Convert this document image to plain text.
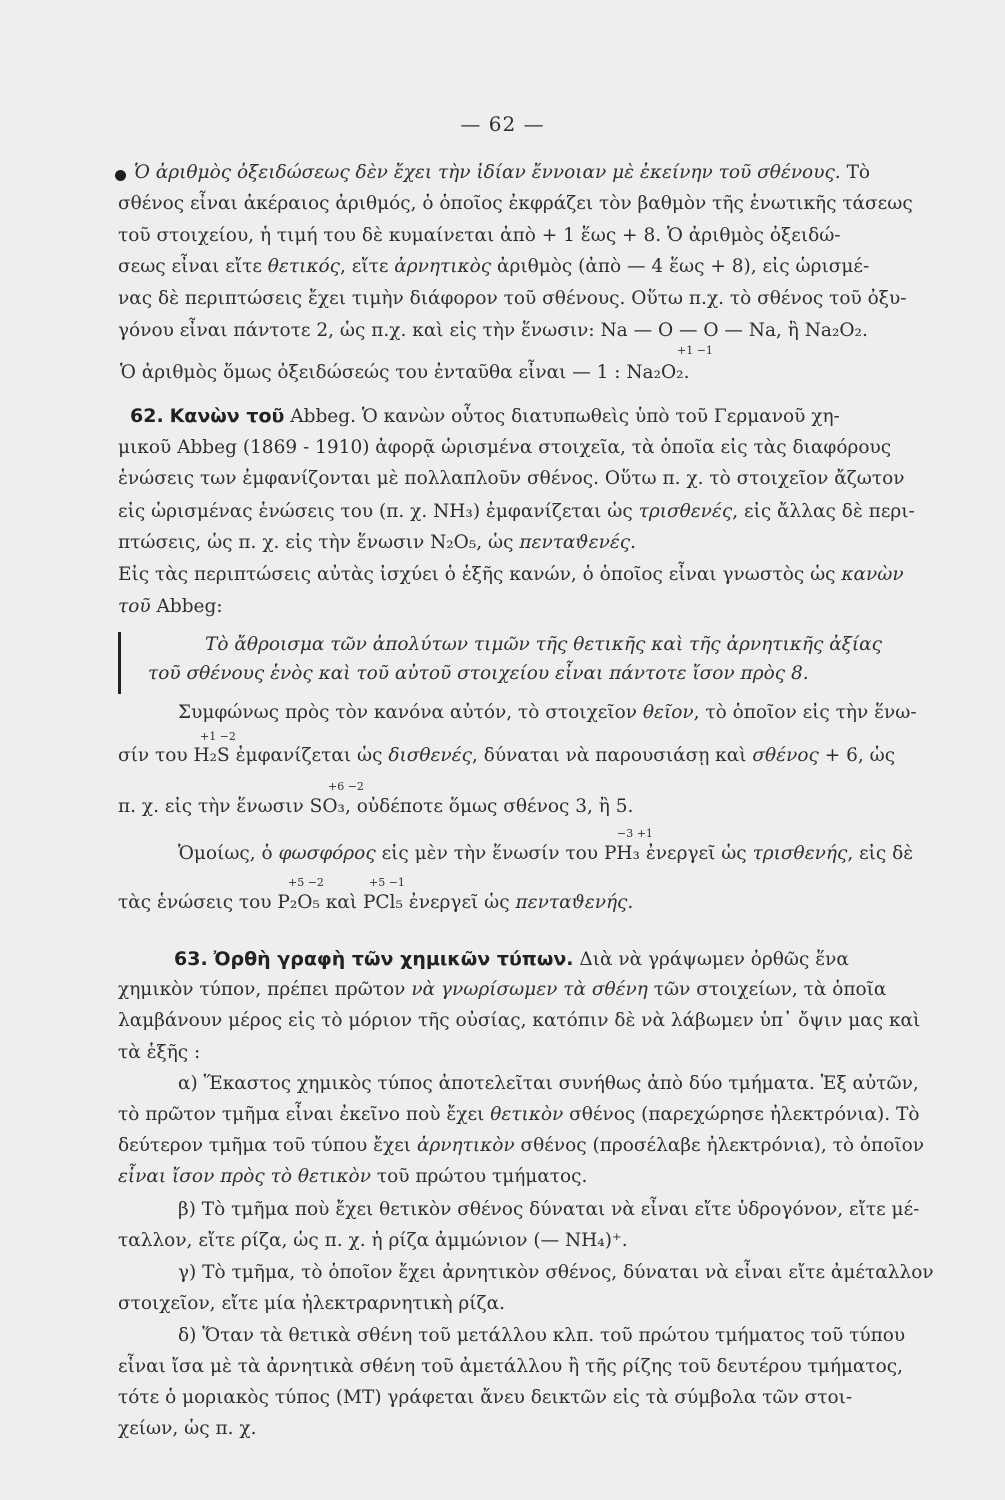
— 62 —
Ὁ ἀριθμὸς ὀξειδώσεως δὲν ἔχει τὴν ἰδίαν ἔννοιαν μὲ ἐκείνην τοῦ σθένους. Τὸ
σθένος εἶναι ἀκέραιος ἀριθμός, ὁ ὁποῖος ἐκφράζει τὸν βαθμὸν τῆς ἑνωτικῆς τάσεως
τοῦ στοιχείου, ἡ τιμή του δὲ κυμαίνεται ἀπὸ + 1 ἕως + 8. Ὁ ἀριθμὸς ὀξειδώ-
σεως εἶναι εἴτε θετικός, εἴτε ἀρνητικὸς ἀριθμὸς (ἀπὸ — 4 ἕως + 8), εἰς ὡρισμέ-
νας δὲ περιπτώσεις ἔχει τιμὴν διάφορον τοῦ σθένους. Οὕτω π.χ. τὸ σθένος τοῦ ὀξυ-
γόνου εἶναι πάντοτε 2, ὡς π.χ. καὶ εἰς τὴν ἕνωσιν: Na — O — O — Na, ἢ Na₂O₂.
+1 −1
Ὁ ἀριθμὸς ὅμως ὀξειδώσεώς του ἐνταῦθα εἶναι — 1 : Na₂O₂.
62. Κανὼν τοῦ Abbeg. Ὁ κανὼν οὗτος διατυπωθεὶς ὑπὸ τοῦ Γερμανοῦ χη-
μικοῦ Abbeg (1869 - 1910) ἀφορᾷ ὡρισμένα στοιχεῖα, τὰ ὁποῖα εἰς τὰς διαφόρους
ἑνώσεις των ἐμφανίζονται μὲ πολλαπλοῦν σθένος. Οὕτω π. χ. τὸ στοιχεῖον ἄζωτον
εἰς ὡρισμένας ἑνώσεις του (π. χ. NH₃) ἐμφανίζεται ὡς τρισθενές, εἰς ἄλλας δὲ περι-
πτώσεις, ὡς π. χ. εἰς τὴν ἕνωσιν N₂O₅, ὡς πενταϑενές.
Εἰς τὰς περιπτώσεις αὐτὰς ἰσχύει ὁ ἑξῆς κανών, ὁ ὁποῖος εἶναι γνωστὸς ὡς κανὼν
τοῦ Abbeg:
Τὸ ἄθροισμα τῶν ἀπολύτων τιμῶν τῆς θετικῆς καὶ τῆς ἀρνητικῆς ἀξίας
τοῦ σθένους ἑνὸς καὶ τοῦ αὐτοῦ στοιχείου εἶναι πάντοτε ἴσον πρὸς 8.
Συμφώνως πρὸς τὸν κανόνα αὐτόν, τὸ στοιχεῖον θεῖον, τὸ ὁποῖον εἰς τὴν ἕνω-
+1 −2
σίν του H₂S ἐμφανίζεται ὡς δισθενές, δύναται νὰ παρουσιάσῃ καὶ σθένος + 6, ὡς
+6 −2
π. χ. εἰς τὴν ἕνωσιν SO₃, οὐδέποτε ὅμως σθένος 3, ἢ 5.
−3 +1
Ὁμοίως, ὁ φωσφόρος εἰς μὲν τὴν ἕνωσίν του PH₃ ἐνεργεῖ ὡς τρισθενής, εἰς δὲ
+5 −2	+5 −1
τὰς ἑνώσεις του P₂O₅ καὶ PCl₅ ἐνεργεῖ ὡς πενταϑενής.
63. Ὀρθὴ γραφὴ τῶν χημικῶν τύπων. Διὰ νὰ γράψωμεν ὀρθῶς ἕνα
χημικὸν τύπον, πρέπει πρῶτον νὰ γνωρίσωμεν τὰ σθένη τῶν στοιχείων, τὰ ὁποῖα
λαμβάνουν μέρος εἰς τὸ μόριον τῆς οὐσίας, κατόπιν δὲ νὰ λάβωμεν ὑπ᾽ ὄψιν μας καὶ
τὰ ἑξῆς :
α) Ἕκαστος χημικὸς τύπος ἀποτελεῖται συνήθως ἀπὸ δύο τμήματα. Ἐξ αὐτῶν,
τὸ πρῶτον τμῆμα εἶναι ἐκεῖνο ποὺ ἔχει θετικὸν σθένος (παρεχώρησε ἠλεκτρόνια). Τὸ
δεύτερον τμῆμα τοῦ τύπου ἔχει ἀρνητικὸν σθένος (προσέλαβε ἠλεκτρόνια), τὸ ὁποῖον
εἶναι ἴσον πρὸς τὸ θετικὸν τοῦ πρώτου τμήματος.
β) Τὸ τμῆμα ποὺ ἔχει θετικὸν σθένος δύναται νὰ εἶναι εἴτε ὑδρογόνον, εἴτε μέ-
ταλλον, εἴτε ρίζα, ὡς π. χ. ἡ ρίζα ἀμμώνιον (— NH₄)⁺.
γ) Τὸ τμῆμα, τὸ ὁποῖον ἔχει ἀρνητικὸν σθένος, δύναται νὰ εἶναι εἴτε ἀμέταλλον
στοιχεῖον, εἴτε μία ἠλεκτραρνητικὴ ρίζα.
δ) Ὅταν τὰ θετικὰ σθένη τοῦ μετάλλου κλπ. τοῦ πρώτου τμήματος τοῦ τύπου
εἶναι ἴσα μὲ τὰ ἀρνητικὰ σθένη τοῦ ἀμετάλλου ἢ τῆς ρίζης τοῦ δευτέρου τμήματος,
τότε ὁ μοριακὸς τύπος (ΜΤ) γράφεται ἄνευ δεικτῶν εἰς τὰ σύμβολα τῶν στοι-
χείων, ὡς π. χ.
